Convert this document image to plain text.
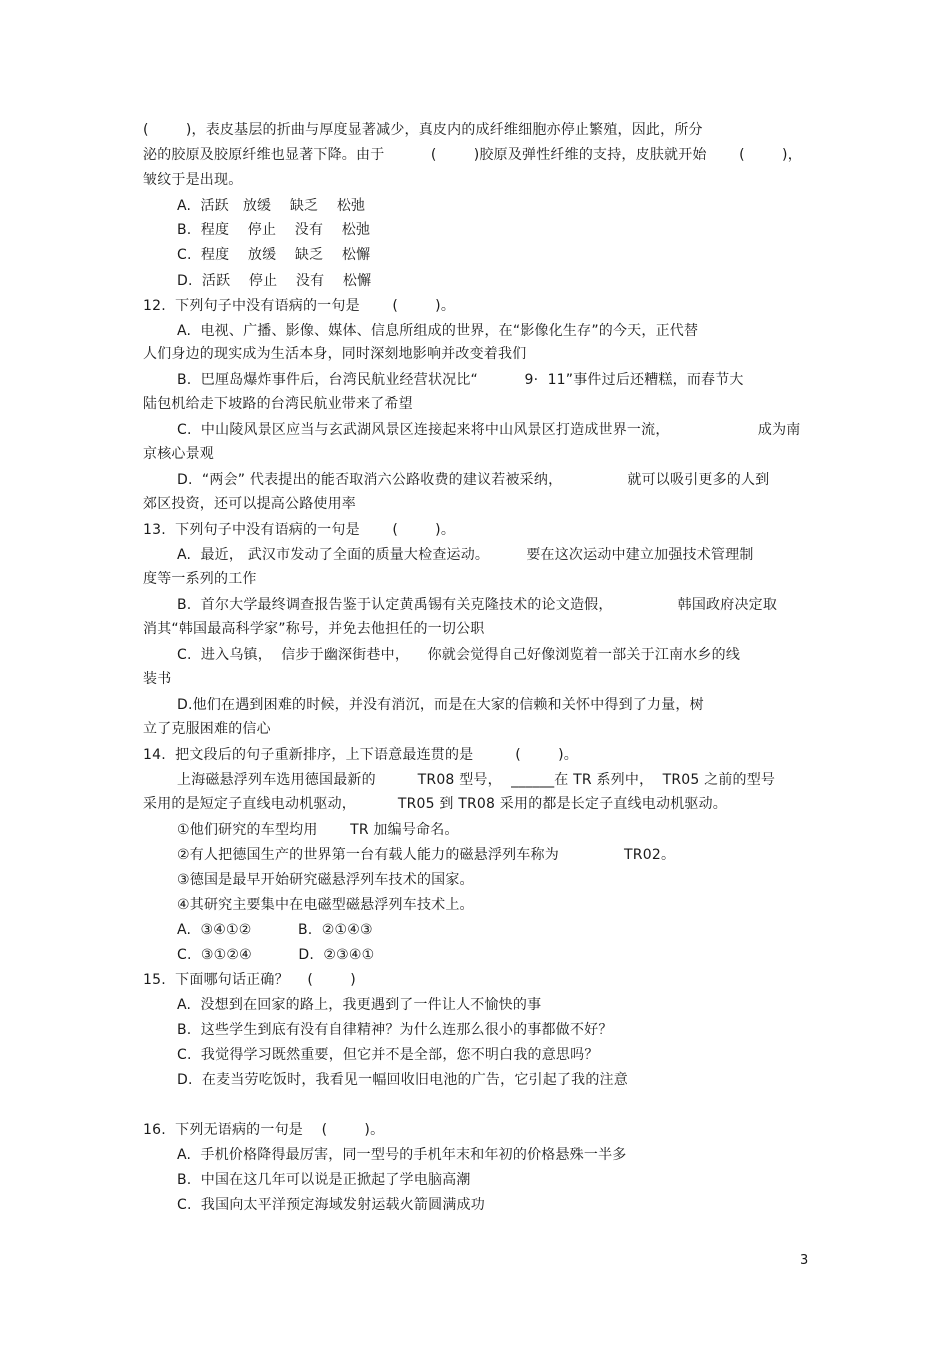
(        )，表皮基层的折曲与厚度显著减少，真皮内的成纤维细胞亦停止繁殖，因此，所分
泌的胶原及胶原纤维也显著下降。由于          (        )胶原及弹性纤维的支持，皮肤就开始       (        )，
皱纹于是出现。
A.  活跃   放缓    缺乏    松弛
B.  程度    停止    没有    松弛
C.  程度    放缓    缺乏    松懈
D.  活跃    停止    没有    松懈
12.  下列句子中没有语病的一句是       (        )。
A.  电视、广播、影像、媒体、信息所组成的世界，在“影像化生存”的今天，正代替
人们身边的现实成为生活本身，同时深刻地影响并改变着我们
B.  巴厘岛爆炸事件后，台湾民航业经营状况比“          9·  11”事件过后还糟糕，而春节大
陆包机给走下坡路的台湾民航业带来了希望
C.  中山陵风景区应当与玄武湖风景区连接起来将中山风景区打造成世界一流，                   成为南
京核心景观
D.  “两会” 代表提出的能否取消六公路收费的建议若被采纳，              就可以吸引更多的人到
郊区投资，还可以提高公路使用率
13.  下列句子中没有语病的一句是       (        )。
A.  最近， 武汉市发动了全面的质量大检查运动。        要在这次运动中建立加强技术管理制
度等一系列的工作
B.  首尔大学最终调查报告鉴于认定黄禹锡有关克隆技术的论文造假，              韩国政府决定取
消其“韩国最高科学家”称号，并免去他担任的一切公职
C.  进入乌镇，  信步于幽深街巷中，    你就会觉得自己好像浏览着一部关于江南水乡的线
装书
D.他们在遇到困难的时候，并没有消沉，而是在大家的信赖和关怀中得到了力量，树
立了克服困难的信心
14.  把文段后的句子重新排序，上下语意最连贯的是         (        )。
上海磁悬浮列车选用德国最新的         TR08 型号，  ______在 TR 系列中，  TR05 之前的型号
采用的是短定子直线电动机驱动，         TR05 到 TR08 采用的都是长定子直线电动机驱动。
①他们研究的车型均用       TR 加编号命名。
②有人把德国生产的世界第一台有载人能力的磁悬浮列车称为              TR02。
③德国是最早开始研究磁悬浮列车技术的国家。
④其研究主要集中在电磁型磁悬浮列车技术上。
A.  ③④①②          B.  ②①④③
C.  ③①②④          D.  ②③④①
15.  下面哪句话正确？    (        )
A.  没想到在回家的路上，我更遇到了一件让人不愉快的事
B.  这些学生到底有没有自律精神？为什么连那么很小的事都做不好？
C.  我觉得学习既然重要，但它并不是全部，您不明白我的意思吗？
D.  在麦当劳吃饭时，我看见一幅回收旧电池的广告，它引起了我的注意
16.  下列无语病的一句是    (        )。
A.  手机价格降得最厉害，同一型号的手机年末和年初的价格悬殊一半多
B.  中国在这几年可以说是正掀起了学电脑高潮
C.  我国向太平洋预定海域发射运载火箭圆满成功
3
